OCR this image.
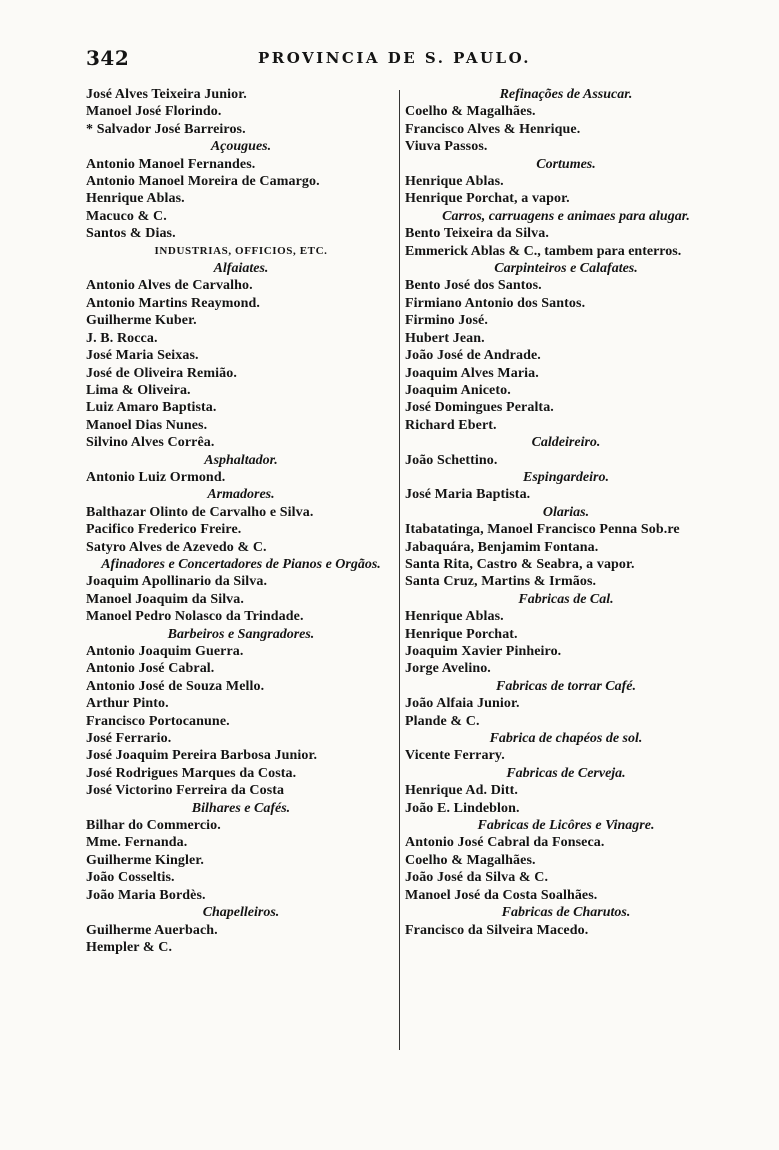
342	PROVINCIA DE S. PAULO.
José Alves Teixeira Junior.
Manoel José Florindo.
* Salvador José Barreiros.
Açougues.
Antonio Manoel Fernandes.
Antonio Manoel Moreira de Camargo.
Henrique Ablas.
Macuco & C.
Santos & Dias.
INDUSTRIAS, OFFICIOS, ETC.
Alfaiates.
Antonio Alves de Carvalho.
Antonio Martins Reaymond.
Guilherme Kuber.
J. B. Rocca.
José Maria Seixas.
José de Oliveira Remião.
Lima & Oliveira.
Luiz Amaro Baptista.
Manoel Dias Nunes.
Silvino Alves Corrêa.
Asphaltador.
Antonio Luiz Ormond.
Armadores.
Balthazar Olinto de Carvalho e Silva.
Pacifico Frederico Freire.
Satyro Alves de Azevedo & C.
Afinadores e Concertadores de Pianos e Orgãos.
Joaquim Apollinario da Silva.
Manoel Joaquim da Silva.
Manoel Pedro Nolasco da Trindade.
Barbeiros e Sangradores.
Antonio Joaquim Guerra.
Antonio José Cabral.
Antonio José de Souza Mello.
Arthur Pinto.
Francisco Portocanune.
José Ferrario.
José Joaquim Pereira Barbosa Junior.
José Rodrigues Marques da Costa.
José Victorino Ferreira da Costa
Bilhares e Cafés.
Bilhar do Commercio.
Mme. Fernanda.
Guilherme Kingler.
João Cosseltis.
João Maria Bordès.
Chapelleiros.
Guilherme Auerbach.
Hempler & C.
Refinações de Assucar.
Coelho & Magalhães.
Francisco Alves & Henrique.
Viuva Passos.
Cortumes.
Henrique Ablas.
Henrique Porchat, a vapor.
Carros, carruagens e animaes para alugar.
Bento Teixeira da Silva.
Emmerick Ablas & C., tambem para enterros.
Carpinteiros e Calafates.
Bento José dos Santos.
Firmiano Antonio dos Santos.
Firmino José.
Hubert Jean.
João José de Andrade.
Joaquim Alves Maria.
Joaquim Aniceto.
José Domingues Peralta.
Richard Ebert.
Caldeireiro.
João Schettino.
Espingardeiro.
José Maria Baptista.
Olarias.
Itabatatinga, Manoel Francisco Penna Sob.re
Jabaquára, Benjamim Fontana.
Santa Rita, Castro & Seabra, a vapor.
Santa Cruz, Martins & Irmãos.
Fabricas de Cal.
Henrique Ablas.
Henrique Porchat.
Joaquim Xavier Pinheiro.
Jorge Avelino.
Fabricas de torrar Café.
João Alfaia Junior.
Plande & C.
Fabrica de chapéos de sol.
Vicente Ferrary.
Fabricas de Cerveja.
Henrique Ad. Ditt.
João E. Lindeblon.
Fabricas de Licôres e Vinagre.
Antonio José Cabral da Fonseca.
Coelho & Magalhães.
João José da Silva & C.
Manoel José da Costa Soalhães.
Fabricas de Charutos.
Francisco da Silveira Macedo.
